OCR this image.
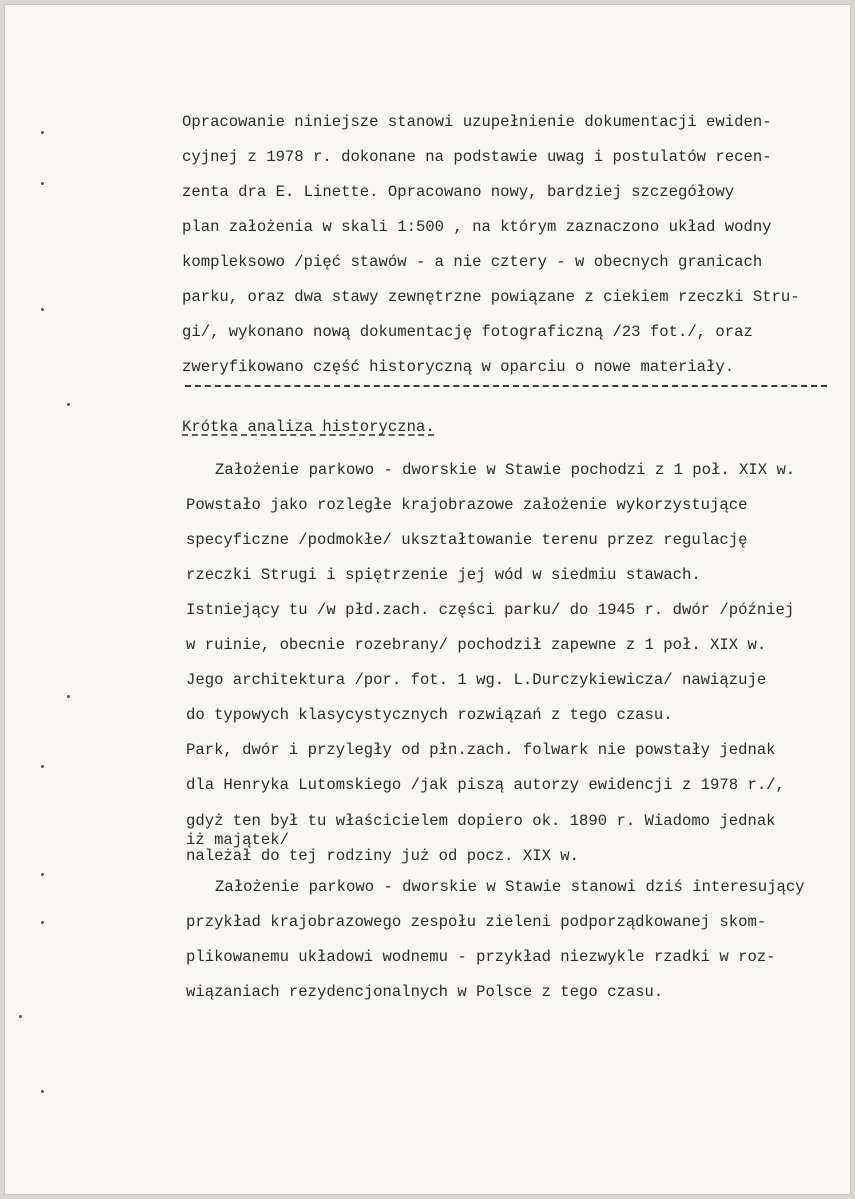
Opracowanie niniejsze stanowi uzupełnienie dokumentacji ewiden-
cyjnej z 1978 r. dokonane na podstawie uwag i postulatów recen-
zenta dra E. Linette. Opracowano nowy, bardziej szczegółowy
plan założenia w skali 1:500 , na którym zaznaczono układ wodny
kompleksowo /pięć stawów - a nie cztery - w obecnych granicach
parku, oraz dwa stawy zewnętrzne powiązane z ciekiem rzeczki Stru-
gi/, wykonano nową dokumentację fotograficzną /23 fot./, oraz
zweryfikowano część historyczną w oparciu o nowe materiały.
Krótka analiza historyczna.
Założenie parkowo - dworskie w Stawie pochodzi z 1 poł. XIX w.
Powstało jako rozległe krajobrazowe założenie wykorzystujące
specyficzne /podmokłe/ ukształtowanie terenu przez regulację
rzeczki Strugi i spiętrzenie jej wód w siedmiu stawach.
Istniejący tu /w płd.zach. części parku/ do 1945 r. dwór /później
w ruinie, obecnie rozebrany/ pochodził zapewne z 1 poł. XIX w.
Jego architektura /por. fot. 1 wg. L.Durczykiewicza/ nawiązuje
do typowych klasycystycznych rozwiązań z tego czasu.
Park, dwór i przyległy od płn.zach. folwark nie powstały jednak
dla Henryka Lutomskiego /jak piszą autorzy ewidencji z 1978 r./,
gdyż ten był tu właścicielem dopiero ok. 1890 r. Wiadomo jednak
iż majątek/
należał do tej rodziny już od pocz. XIX w.
Założenie parkowo - dworskie w Stawie stanowi dziś interesujący
przykład krajobrazowego zespołu zieleni podporządkowanej skom-
plikowanemu układowi wodnemu - przykład niezwykle rzadki w roz-
wiązaniach rezydencjonalnych w Polsce z tego czasu.
